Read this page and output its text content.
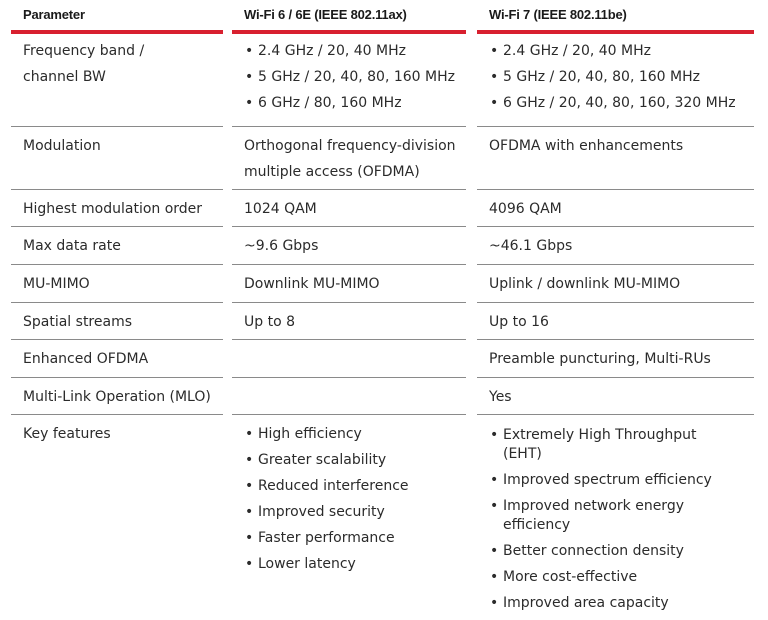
Parameter	Wi-Fi 6 / 6E (IEEE 802.11ax)	Wi-Fi 7 (IEEE 802.11be)
Frequency band / channel BW
• 2.4 GHz / 20, 40 MHz
• 5 GHz / 20, 40, 80, 160 MHz
• 6 GHz / 80, 160 MHz
• 2.4 GHz / 20, 40 MHz
• 5 GHz / 20, 40, 80, 160 MHz
• 6 GHz / 20, 40, 80, 160, 320 MHz
Modulation	Orthogonal frequency-division multiple access (OFDMA)
OFDMA with enhancements
Highest modulation order	1024 QAM	4096 QAM
Max data rate	~9.6 Gbps	~46.1 Gbps
MU-MIMO	Downlink MU-MIMO	Uplink / downlink MU-MIMO
Spatial streams	Up to 8	Up to 16
Enhanced OFDMA	Preamble puncturing, Multi-RUs
Multi-Link Operation (MLO)	Yes
Key features
•	High efficiency
• Greater scalability
• Reduced interference
• Improved security
• Faster performance
• Lower latency
• Extremely High Throughput (EHT)
• Improved spectrum efficiency
• Improved network energy efficiency
• Better connection density
• More cost-effective
• Improved area capacity
